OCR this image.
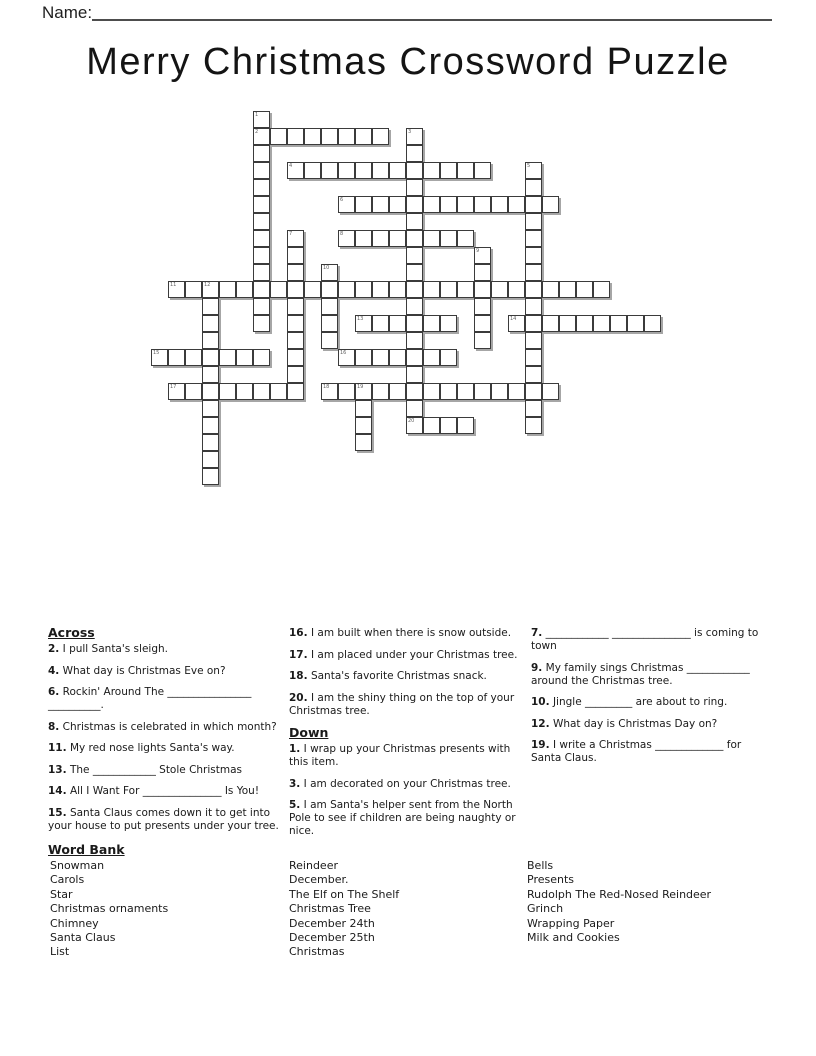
Name:
Merry Christmas Crossword Puzzle
1
2	3
4	5
6
7	8
9
10
11	12
13	14
15	16
17	18	19
20
Across
2. I pull Santa's sleigh.
4. What day is Christmas Eve on?
6. Rockin' Around The ________________ __________.
8. Christmas is celebrated in which month?
11. My red nose lights Santa's way.
13. The ____________ Stole Christmas
14. All I Want For _______________ Is You!
15. Santa Claus comes down it to get into your house to put presents under your tree.
16. I am built when there is snow outside.
17. I am placed under your Christmas tree.
18. Santa's favorite Christmas snack.
20. I am the shiny thing on the top of your Christmas tree.
Down
1. I wrap up your Christmas presents with this item.
3. I am decorated on your Christmas tree.
5. I am Santa's helper sent from the North Pole to see if children are being naughty or nice.
7. ____________ _______________ is coming to town
9. My family sings Christmas ____________ around the Christmas tree.
10. Jingle _________ are about to ring.
12. What day is Christmas Day on?
19. I write a Christmas _____________ for Santa Claus.
Word Bank
Snowman
Carols
Star
Christmas ornaments
Chimney
Santa Claus
List
Reindeer
December.
The Elf on The Shelf
Christmas Tree
December 24th
December 25th
Christmas
Bells
Presents
Rudolph The Red-Nosed Reindeer
Grinch
Wrapping Paper
Milk and Cookies
